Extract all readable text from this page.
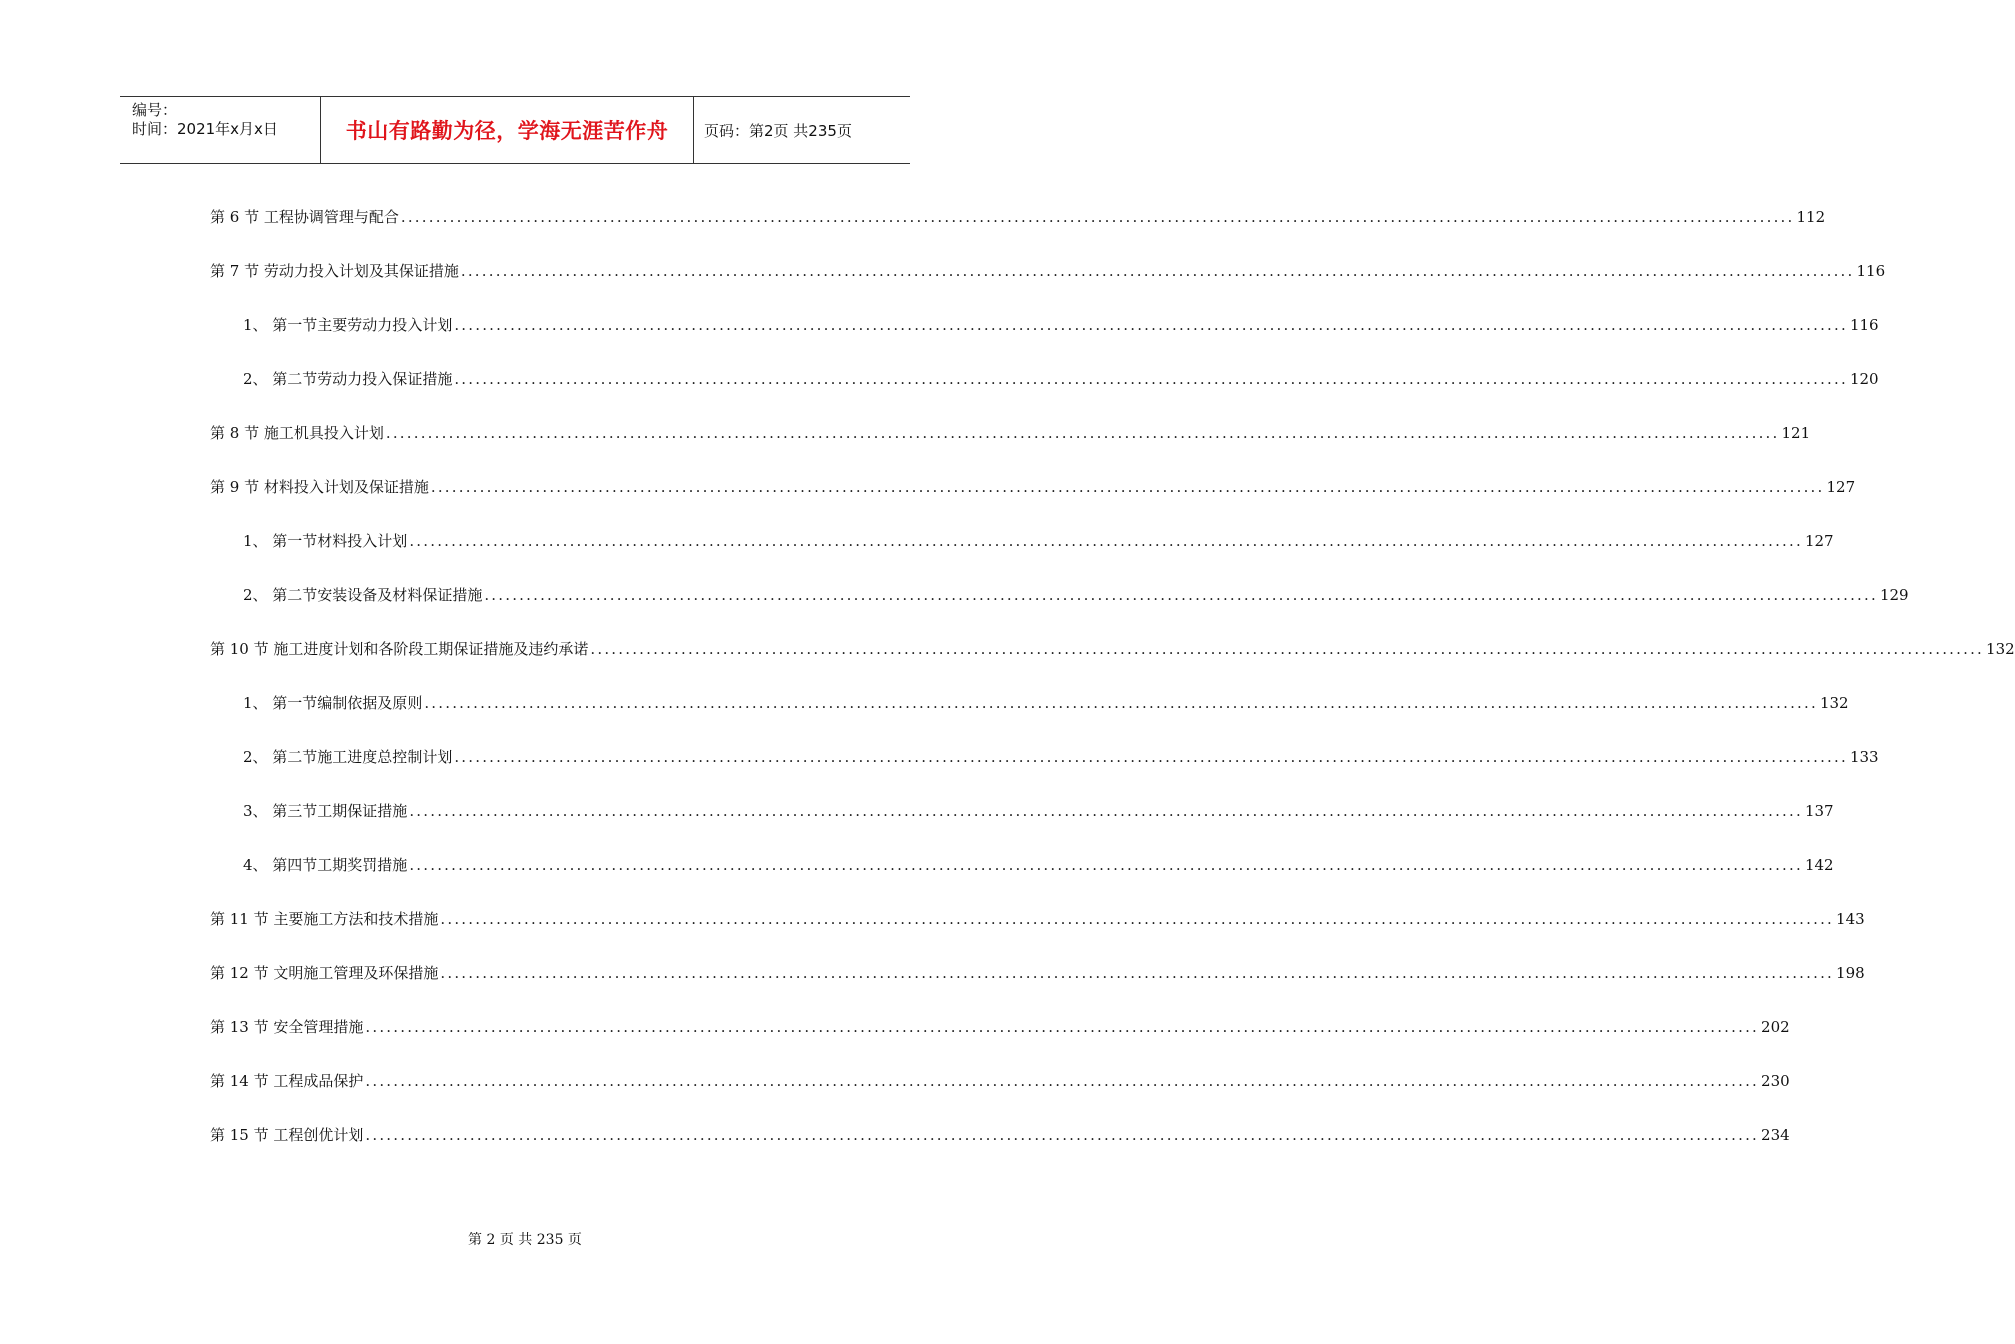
编号：
时间：2021年x月x日	书山有路勤为径，学海无涯苦作舟	页码：第2页 共235页
第 6 节 工程协调管理与配合 ........................................................................................................................................................................................................ 112
第 7 节 劳动力投入计划及其保证措施 ........................................................................................................................................................................................................ 116
1、 第一节主要劳动力投入计划 ........................................................................................................................................................................................................ 116
2、 第二节劳动力投入保证措施 ........................................................................................................................................................................................................ 120
第 8 节 施工机具投入计划 ........................................................................................................................................................................................................ 121
第 9 节 材料投入计划及保证措施 ........................................................................................................................................................................................................ 127
1、 第一节材料投入计划 ........................................................................................................................................................................................................ 127
2、 第二节安装设备及材料保证措施 ........................................................................................................................................................................................................ 129
第 10 节 施工进度计划和各阶段工期保证措施及违约承诺 ........................................................................................................................................................................................................ 132
1、 第一节编制依据及原则 ........................................................................................................................................................................................................ 132
2、 第二节施工进度总控制计划 ........................................................................................................................................................................................................ 133
3、 第三节工期保证措施 ........................................................................................................................................................................................................ 137
4、 第四节工期奖罚措施 ........................................................................................................................................................................................................ 142
第 11 节 主要施工方法和技术措施 ........................................................................................................................................................................................................ 143
第 12 节 文明施工管理及环保措施 ........................................................................................................................................................................................................ 198
第 13 节 安全管理措施 ........................................................................................................................................................................................................ 202
第 14 节 工程成品保护 ........................................................................................................................................................................................................ 230
第 15 节 工程创优计划 ........................................................................................................................................................................................................ 234
第 2 页 共 235 页
